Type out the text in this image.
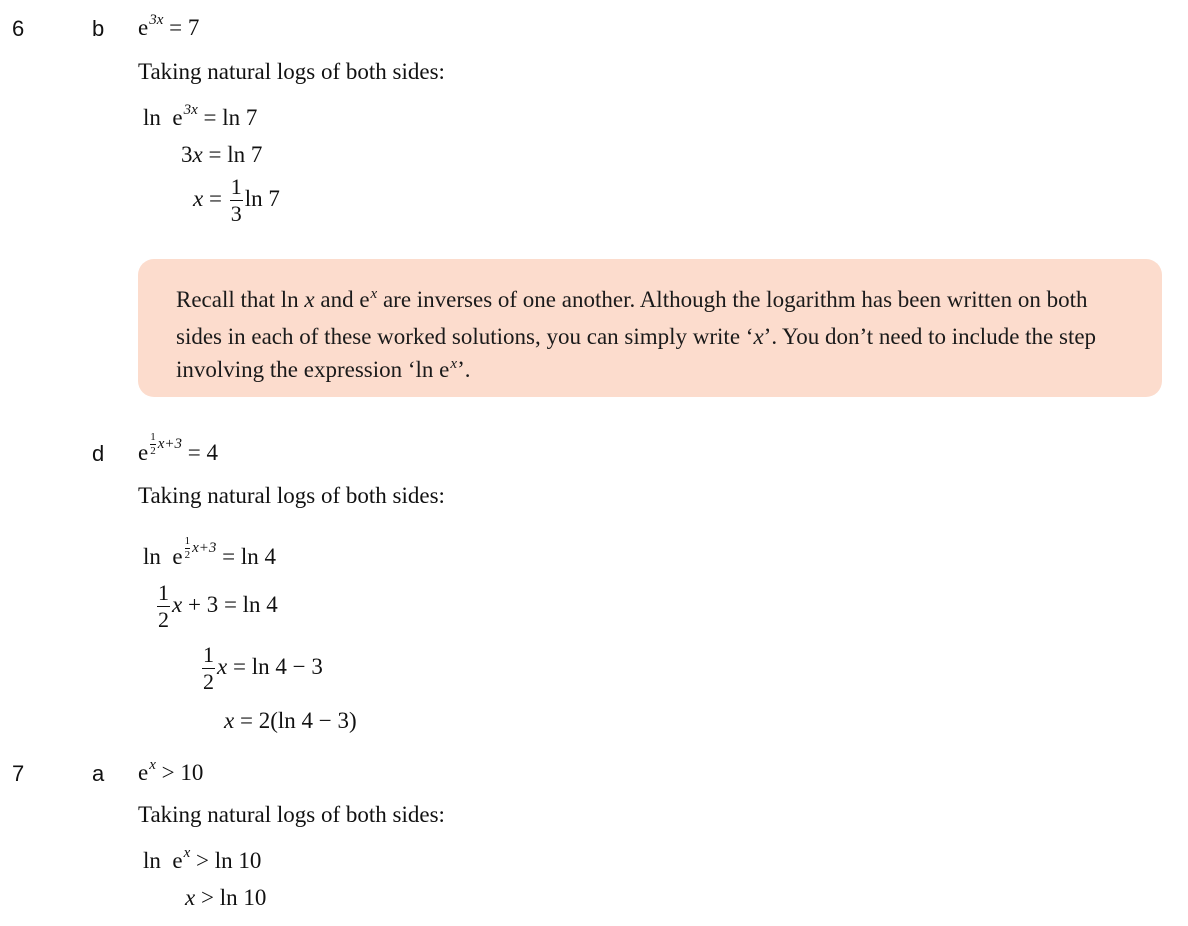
6	b $e^{3x} = 7$
Taking natural logs of both sides:
$\ln e^{3x} = \ln 7$
3x = ln 7
$x = \frac{1}{3}$ ln 7
Recall that ln x and $e^x$ are inverses of one another. Although the logarithm has been written on both sides in each of these worked solutions, you can simply write ‘x’. You don’t need to include the step involving the expression ‘ln $e^x$’.
d e $\frac{1}{2} x+3 = 4$
Taking natural logs of both sides:
ln  e $\frac{1}{2} x+3 = \ln 4$
$\frac{1}{2}$ x + 3 = ln 4
$\frac{1}{2}$ x = ln 4 − 3
x = 2(ln 4 − 3)
7	a $e^x > 10$
Taking natural logs of both sides:
$\ln e^x > \ln 10$
x > ln 10
